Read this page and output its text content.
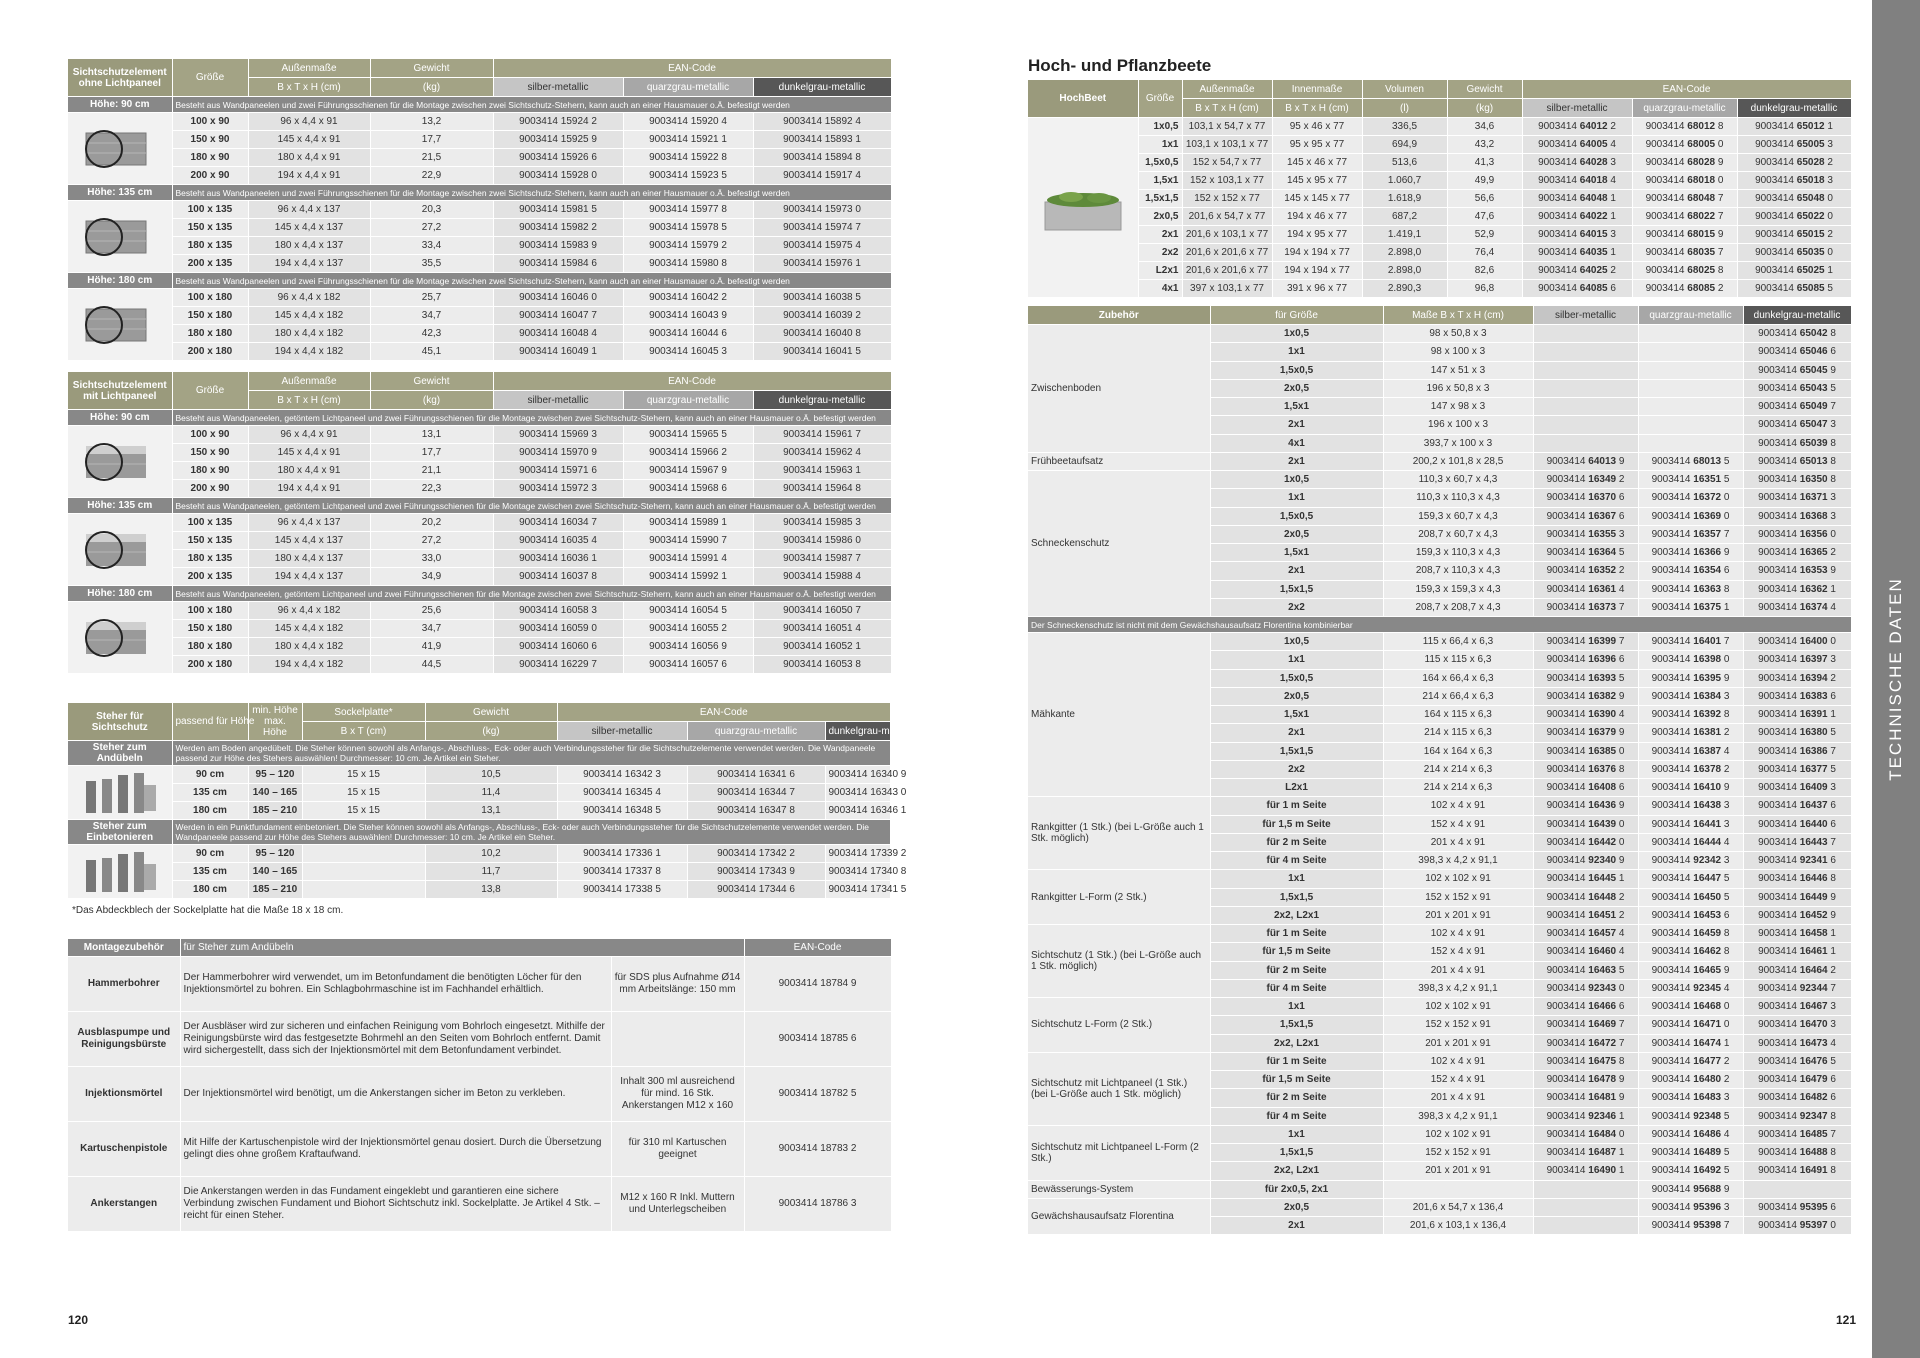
Sichtschutzelement ohne Lichtpaneel	Größe	Außenmaße	Gewicht	EAN-Code		
		B x T x H (cm)	(kg)	silber-metallic	quarzgrau-metallic	dunkelgrau-metallic
Höhe: 90 cm	Besteht aus Wandpaneelen und zwei Führungsschienen für die Montage zwischen zwei Sichtschutz-Stehern, kann auch an einer Hausmauer o.Ä. befestigt werden					

	100 x 90	96 x 4,4 x 91	13,2	9003414 15924 2	9003414 15920 4	9003414 15892 4
	150 x 90	145 x 4,4 x 91	17,7	9003414 15925 9	9003414 15921 1	9003414 15893 1
	180 x 90	180 x 4,4 x 91	21,5	9003414 15926 6	9003414 15922 8	9003414 15894 8
	200 x 90	194 x 4,4 x 91	22,9	9003414 15928 0	9003414 15923 5	9003414 15917 4
Höhe: 135 cm	Besteht aus Wandpaneelen und zwei Führungsschienen für die Montage zwischen zwei Sichtschutz-Stehern, kann auch an einer Hausmauer o.Ä. befestigt werden					

	100 x 135	96 x 4,4 x 137	20,3	9003414 15981 5	9003414 15977 8	9003414 15973 0
	150 x 135	145 x 4,4 x 137	27,2	9003414 15982 2	9003414 15978 5	9003414 15974 7
	180 x 135	180 x 4,4 x 137	33,4	9003414 15983 9	9003414 15979 2	9003414 15975 4
	200 x 135	194 x 4,4 x 137	35,5	9003414 15984 6	9003414 15980 8	9003414 15976 1
Höhe: 180 cm	Besteht aus Wandpaneelen und zwei Führungsschienen für die Montage zwischen zwei Sichtschutz-Stehern, kann auch an einer Hausmauer o.Ä. befestigt werden					

	100 x 180	96 x 4,4 x 182	25,7	9003414 16046 0	9003414 16042 2	9003414 16038 5
	150 x 180	145 x 4,4 x 182	34,7	9003414 16047 7	9003414 16043 9	9003414 16039 2
	180 x 180	180 x 4,4 x 182	42,3	9003414 16048 4	9003414 16044 6	9003414 16040 8
	200 x 180	194 x 4,4 x 182	45,1	9003414 16049 1	9003414 16045 3	9003414 16041 5
Sichtschutzelement mit Lichtpaneel	Größe	Außenmaße	Gewicht	EAN-Code		
		B x T x H (cm)	(kg)	silber-metallic	quarzgrau-metallic	dunkelgrau-metallic
Höhe: 90 cm	Besteht aus Wandpaneelen, getöntem Lichtpaneel und zwei Führungsschienen für die Montage zwischen zwei Sichtschutz-Stehern, kann auch an einer Hausmauer o.Ä. befestigt werden					

	100 x 90	96 x 4,4 x 91	13,1	9003414 15969 3	9003414 15965 5	9003414 15961 7
	150 x 90	145 x 4,4 x 91	17,7	9003414 15970 9	9003414 15966 2	9003414 15962 4
	180 x 90	180 x 4,4 x 91	21,1	9003414 15971 6	9003414 15967 9	9003414 15963 1
	200 x 90	194 x 4,4 x 91	22,3	9003414 15972 3	9003414 15968 6	9003414 15964 8
Höhe: 135 cm	Besteht aus Wandpaneelen, getöntem Lichtpaneel und zwei Führungsschienen für die Montage zwischen zwei Sichtschutz-Stehern, kann auch an einer Hausmauer o.Ä. befestigt werden					

	100 x 135	96 x 4,4 x 137	20,2	9003414 16034 7	9003414 15989 1	9003414 15985 3
	150 x 135	145 x 4,4 x 137	27,2	9003414 16035 4	9003414 15990 7	9003414 15986 0
	180 x 135	180 x 4,4 x 137	33,0	9003414 16036 1	9003414 15991 4	9003414 15987 7
	200 x 135	194 x 4,4 x 137	34,9	9003414 16037 8	9003414 15992 1	9003414 15988 4
Höhe: 180 cm	Besteht aus Wandpaneelen, getöntem Lichtpaneel und zwei Führungsschienen für die Montage zwischen zwei Sichtschutz-Stehern, kann auch an einer Hausmauer o.Ä. befestigt werden					

	100 x 180	96 x 4,4 x 182	25,6	9003414 16058 3	9003414 16054 5	9003414 16050 7
	150 x 180	145 x 4,4 x 182	34,7	9003414 16059 0	9003414 16055 2	9003414 16051 4
	180 x 180	180 x 4,4 x 182	41,9	9003414 16060 6	9003414 16056 9	9003414 16052 1
	200 x 180	194 x 4,4 x 182	44,5	9003414 16229 7	9003414 16057 6	9003414 16053 8
Steher für Sichtschutz	passend für Höhe	min. Höhe max. Höhe	Sockelplatte*	Gewicht	EAN-Code		
			B x T (cm)	(kg)	silber-metallic	quarzgrau-metallic	dunkelgrau-metallic
Steher zum Andübeln	Werden am Boden angedübelt. Die Steher können sowohl als Anfangs-, Abschluss-, Eck- oder auch Verbindungssteher für die Sichtschutzelemente verwendet werden. Die Wandpaneele passend zur Höhe des Stehers auswählen! Durchmesser: 10 cm. Je Artikel ein Steher.						

	90 cm	95 – 120	15 x 15	10,5	9003414 16342 3	9003414 16341 6	9003414 16340 9
	135 cm	140 – 165	15 x 15	11,4	9003414 16345 4	9003414 16344 7	9003414 16343 0
	180 cm	185 – 210	15 x 15	13,1	9003414 16348 5	9003414 16347 8	9003414 16346 1
Steher zum Einbetonieren	Werden in ein Punktfundament einbetoniert. Die Steher können sowohl als Anfangs-, Abschluss-, Eck- oder auch Verbindungssteher für die Sichtschutzelemente verwendet werden. Die Wandpaneele passend zur Höhe des Stehers auswählen! Durchmesser: 10 cm. Je Artikel ein Steher.						

	90 cm	95 – 120		10,2	9003414 17336 1	9003414 17342 2	9003414 17339 2
	135 cm	140 – 165		11,7	9003414 17337 8	9003414 17343 9	9003414 17340 8
	180 cm	185 – 210		13,8	9003414 17338 5	9003414 17344 6	9003414 17341 5
*Das Abdeckblech der Sockelplatte hat die Maße 18 x 18 cm.
Montagezubehör	für Steher zum Andübeln		EAN-Code
Hammerbohrer	Der Hammerbohrer wird verwendet, um im Betonfundament die benötigten Löcher für den Injektionsmörtel zu bohren. Ein Schlagbohrmaschine ist im Fachhandel erhältlich.	für SDS plus Aufnahme Ø14 mm Arbeitslänge: 150 mm	9003414 18784 9
Ausblaspumpe und Reinigungsbürste	Der Ausbläser wird zur sicheren und einfachen Reinigung vom Bohrloch eingesetzt. Mithilfe der Reinigungsbürste wird das festgesetzte Bohrmehl an den Seiten vom Bohrloch entfernt. Damit wird sichergestellt, dass sich der Injektionsmörtel mit dem Betonfundament verbindet.		9003414 18785 6
Injektionsmörtel	Der Injektionsmörtel wird benötigt, um die Ankerstangen sicher im Beton zu verkleben.	Inhalt 300 ml ausreichend für mind. 16 Stk. Ankerstangen M12 x 160	9003414 18782 5
Kartuschenpistole	Mit Hilfe der Kartuschenpistole wird der Injektionsmörtel genau dosiert. Durch die Übersetzung gelingt dies ohne großem Kraftaufwand.	für 310 ml Kartuschen geeignet	9003414 18783 2
Ankerstangen	Die Ankerstangen werden in das Fundament eingeklebt und garantieren eine sichere Verbindung zwischen Fundament und Biohort Sichtschutz inkl. Sockelplatte. Je Artikel 4 Stk. – reicht für einen Steher.	M12 x 160 R Inkl. Muttern und Unterlegscheiben	9003414 18786 3
120
Hoch- und Pflanzbeete
HochBeet	Größe	Außenmaße	Innenmaße	Volumen	Gewicht	EAN-Code		
		B x T x H (cm)	B x T x H (cm)	(l)	(kg)	silber-metallic	quarzgrau-metallic	dunkelgrau-metallic

	1x0,5	103,1 x 54,7 x 77	95 x 46 x 77	336,5	34,6	9003414 64012 2	9003414 68012 8	9003414 65012 1
	1x1	103,1 x 103,1 x 77	95 x 95 x 77	694,9	43,2	9003414 64005 4	9003414 68005 0	9003414 65005 3
	1,5x0,5	152 x 54,7 x 77	145 x 46 x 77	513,6	41,3	9003414 64028 3	9003414 68028 9	9003414 65028 2
	1,5x1	152 x 103,1 x 77	145 x 95 x 77	1.060,7	49,9	9003414 64018 4	9003414 68018 0	9003414 65018 3
	1,5x1,5	152 x 152 x 77	145 x 145 x 77	1.618,9	56,6	9003414 64048 1	9003414 68048 7	9003414 65048 0
	2x0,5	201,6 x 54,7 x 77	194 x 46 x 77	687,2	47,6	9003414 64022 1	9003414 68022 7	9003414 65022 0
	2x1	201,6 x 103,1 x 77	194 x 95 x 77	1.419,1	52,9	9003414 64015 3	9003414 68015 9	9003414 65015 2
	2x2	201,6 x 201,6 x 77	194 x 194 x 77	2.898,0	76,4	9003414 64035 1	9003414 68035 7	9003414 65035 0
	L2x1	201,6 x 201,6 x 77	194 x 194 x 77	2.898,0	82,6	9003414 64025 2	9003414 68025 8	9003414 65025 1
	4x1	397 x 103,1 x 77	391 x 96 x 77	2.890,3	96,8	9003414 64085 6	9003414 68085 2	9003414 65085 5
Zubehör	für Größe	Maße B x T x H (cm)	silber-metallic	quarzgrau-metallic	dunkelgrau-metallic
Zwischenboden	1x0,5	98 x 50,8 x 3			9003414 65042 8
	1x1	98 x 100 x 3			9003414 65046 6
	1,5x0,5	147 x 51 x 3			9003414 65045 9
	2x0,5	196 x 50,8 x 3			9003414 65043 5
	1,5x1	147 x 98 x 3			9003414 65049 7
	2x1	196 x 100 x 3			9003414 65047 3
	4x1	393,7 x 100 x 3			9003414 65039 8
Frühbeetaufsatz	2x1	200,2 x 101,8 x 28,5	9003414 64013 9	9003414 68013 5	9003414 65013 8
Schneckenschutz	1x0,5	110,3 x 60,7 x 4,3	9003414 16349 2	9003414 16351 5	9003414 16350 8
	1x1	110,3 x 110,3 x 4,3	9003414 16370 6	9003414 16372 0	9003414 16371 3
	1,5x0,5	159,3 x 60,7 x 4,3	9003414 16367 6	9003414 16369 0	9003414 16368 3
	2x0,5	208,7 x 60,7 x 4,3	9003414 16355 3	9003414 16357 7	9003414 16356 0
	1,5x1	159,3 x 110,3 x 4,3	9003414 16364 5	9003414 16366 9	9003414 16365 2
	2x1	208,7 x 110,3 x 4,3	9003414 16352 2	9003414 16354 6	9003414 16353 9
	1,5x1,5	159,3 x 159,3 x 4,3	9003414 16361 4	9003414 16363 8	9003414 16362 1
	2x2	208,7 x 208,7 x 4,3	9003414 16373 7	9003414 16375 1	9003414 16374 4
Der Schneckenschutz ist nicht mit dem Gewächshausaufsatz Florentina kombinierbar					
Mähkante	1x0,5	115 x 66,4 x 6,3	9003414 16399 7	9003414 16401 7	9003414 16400 0
	1x1	115 x 115 x 6,3	9003414 16396 6	9003414 16398 0	9003414 16397 3
	1,5x0,5	164 x 66,4 x 6,3	9003414 16393 5	9003414 16395 9	9003414 16394 2
	2x0,5	214 x 66,4 x 6,3	9003414 16382 9	9003414 16384 3	9003414 16383 6
	1,5x1	164 x 115 x 6,3	9003414 16390 4	9003414 16392 8	9003414 16391 1
	2x1	214 x 115 x 6,3	9003414 16379 9	9003414 16381 2	9003414 16380 5
	1,5x1,5	164 x 164 x 6,3	9003414 16385 0	9003414 16387 4	9003414 16386 7
	2x2	214 x 214 x 6,3	9003414 16376 8	9003414 16378 2	9003414 16377 5
	L2x1	214 x 214 x 6,3	9003414 16408 6	9003414 16410 9	9003414 16409 3
Rankgitter (1 Stk.) (bei L-Größe auch 1 Stk. möglich)	für 1 m Seite	102 x 4 x 91	9003414 16436 9	9003414 16438 3	9003414 16437 6
	für 1,5 m Seite	152 x 4 x 91	9003414 16439 0	9003414 16441 3	9003414 16440 6
	für 2 m Seite	201 x 4 x 91	9003414 16442 0	9003414 16444 4	9003414 16443 7
	für 4 m Seite	398,3 x 4,2 x 91,1	9003414 92340 9	9003414 92342 3	9003414 92341 6
Rankgitter L-Form (2 Stk.)	1x1	102 x 102 x 91	9003414 16445 1	9003414 16447 5	9003414 16446 8
	1,5x1,5	152 x 152 x 91	9003414 16448 2	9003414 16450 5	9003414 16449 9
	2x2, L2x1	201 x 201 x 91	9003414 16451 2	9003414 16453 6	9003414 16452 9
Sichtschutz (1 Stk.) (bei L-Größe auch 1 Stk. möglich)	für 1 m Seite	102 x 4 x 91	9003414 16457 4	9003414 16459 8	9003414 16458 1
	für 1,5 m Seite	152 x 4 x 91	9003414 16460 4	9003414 16462 8	9003414 16461 1
	für 2 m Seite	201 x 4 x 91	9003414 16463 5	9003414 16465 9	9003414 16464 2
	für 4 m Seite	398,3 x 4,2 x 91,1	9003414 92343 0	9003414 92345 4	9003414 92344 7
Sichtschutz L-Form (2 Stk.)	1x1	102 x 102 x 91	9003414 16466 6	9003414 16468 0	9003414 16467 3
	1,5x1,5	152 x 152 x 91	9003414 16469 7	9003414 16471 0	9003414 16470 3
	2x2, L2x1	201 x 201 x 91	9003414 16472 7	9003414 16474 1	9003414 16473 4
Sichtschutz mit Lichtpaneel (1 Stk.) (bei L-Größe auch 1 Stk. möglich)	für 1 m Seite	102 x 4 x 91	9003414 16475 8	9003414 16477 2	9003414 16476 5
	für 1,5 m Seite	152 x 4 x 91	9003414 16478 9	9003414 16480 2	9003414 16479 6
	für 2 m Seite	201 x 4 x 91	9003414 16481 9	9003414 16483 3	9003414 16482 6
	für 4 m Seite	398,3 x 4,2 x 91,1	9003414 92346 1	9003414 92348 5	9003414 92347 8
Sichtschutz mit Lichtpaneel L-Form (2 Stk.)	1x1	102 x 102 x 91	9003414 16484 0	9003414 16486 4	9003414 16485 7
	1,5x1,5	152 x 152 x 91	9003414 16487 1	9003414 16489 5	9003414 16488 8
	2x2, L2x1	201 x 201 x 91	9003414 16490 1	9003414 16492 5	9003414 16491 8
Bewässerungs-System	für 2x0,5, 2x1			9003414 95688 9	
Gewächshausaufsatz Florentina	2x0,5	201,6 x 54,7 x 136,4		9003414 95396 3	9003414 95395 6
	2x1	201,6 x 103,1 x 136,4		9003414 95398 7	9003414 95397 0
121
TECHNISCHE DATEN
